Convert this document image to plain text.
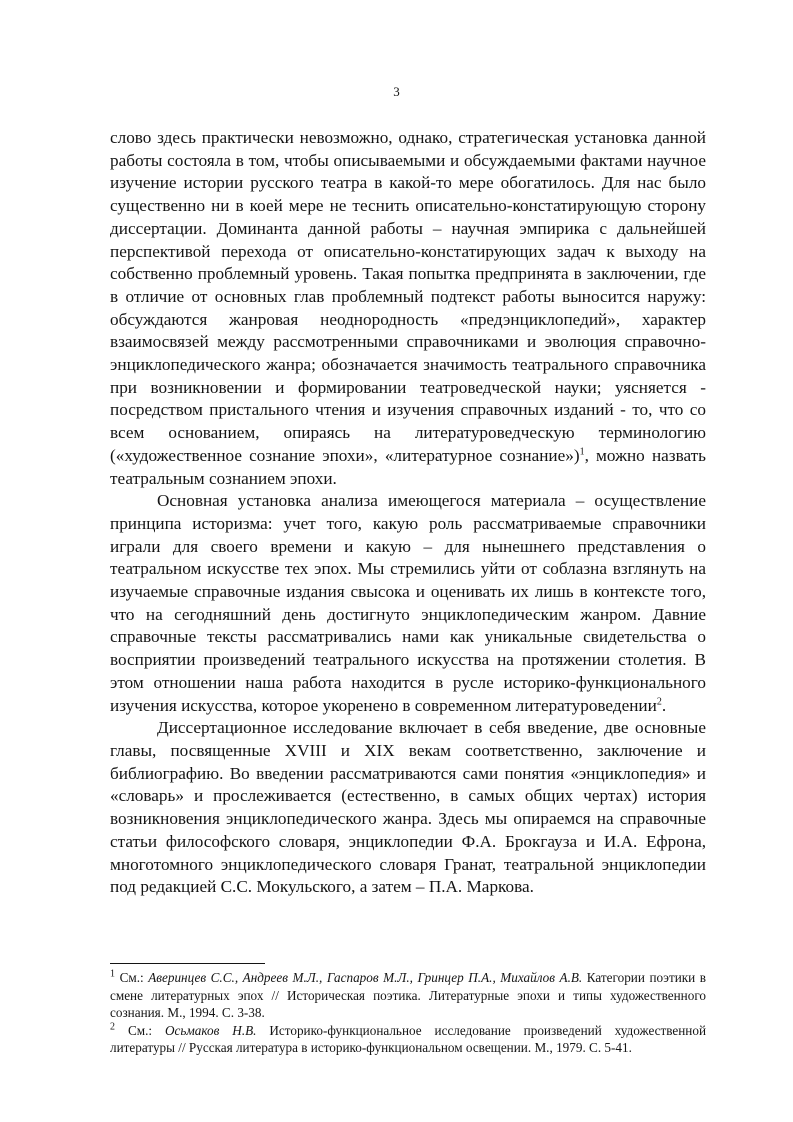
3

слово здесь практически невозможно, однако, стратегическая установка данной работы состояла в том, чтобы описываемыми и обсуждаемыми фактами научное изучение истории русского театра в какой-то мере обогатилось. Для нас было существенно ни в коей мере не теснить описательно-констатирующую сторону диссертации. Доминанта данной работы – научная эмпирика с дальнейшей перспективой перехода от описательно-констатирующих задач к выходу на собственно проблемный уровень. Такая попытка предпринята в заключении, где в отличие от основных глав проблемный подтекст работы выносится наружу: обсуждаются жанровая неоднородность «предэнциклопедий», характер взаимосвязей между рассмотренными справочниками и эволюция справочно-энциклопедического жанра; обозначается значимость театрального справочника при возникновении и формировании театроведческой науки; уясняется - посредством пристального чтения и изучения справочных изданий - то, что со всем основанием, опираясь на литературоведческую терминологию («художественное сознание эпохи», «литературное сознание»)$^1$, можно назвать театральным сознанием эпохи.

Основная установка анализа имеющегося материала – осуществление принципа историзма: учет того, какую роль рассматриваемые справочники играли для своего времени и какую – для нынешнего представления о театральном искусстве тех эпох. Мы стремились уйти от соблазна взглянуть на изучаемые справочные издания свысока и оценивать их лишь в контексте того, что на сегодняшний день достигнуто энциклопедическим жанром. Давние справочные тексты рассматривались нами как уникальные свидетельства о восприятии произведений театрального искусства на протяжении столетия. В этом отношении наша работа находится в русле историко-функционального изучения искусства, которое укоренено в современном литературоведении$^2$.

Диссертационное исследование включает в себя введение, две основные главы, посвященные XVIII и XIX векам соответственно, заключение и библиографию. Во введении рассматриваются сами понятия «энциклопедия» и «словарь» и прослеживается (естественно, в самых общих чертах) история возникновения энциклопедического жанра. Здесь мы опираемся на справочные статьи философского словаря, энциклопедии Ф.А. Брокгауза и И.А. Ефрона, многотомного энциклопедического словаря Гранат, театральной энциклопедии под редакцией С.С. Мокульского, а затем – П.А. Маркова.

$^1$ См.: Аверинцев С.С., Андреев М.Л., Гаспаров М.Л., Гринцер П.А., Михайлов А.В. Категории поэтики в смене литературных эпох // Историческая поэтика. Литературные эпохи и типы художественного сознания. М., 1994. С. 3-38.

$^2$ См.: Осьмаков Н.В. Историко-функциональное исследование произведений художественной литературы // Русская литература в историко-функциональном освещении. М., 1979. С. 5-41.
